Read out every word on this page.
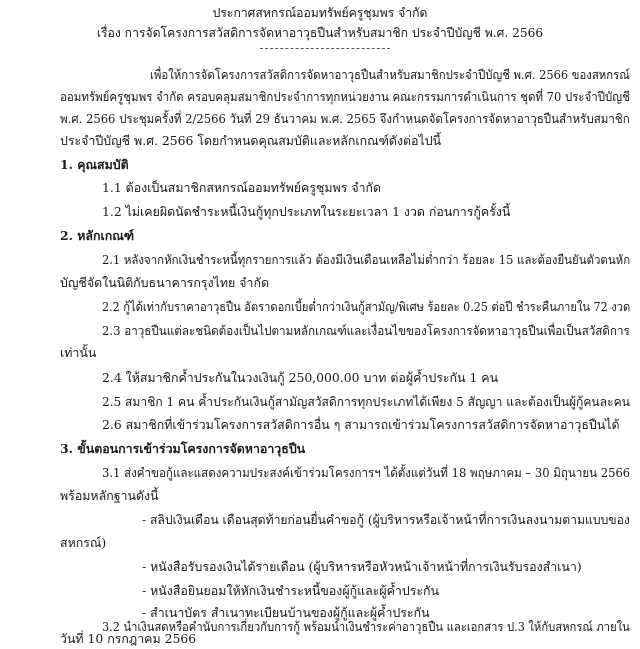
ประกาศสหกรณ์ออมทรัพย์ครูชุมพร จำกัด
เรื่อง การจัดโครงการสวัสดิการจัดหาอาวุธปืนสำหรับสมาชิก ประจำปีบัญชี พ.ศ. 2566
เพื่อให้การจัดโครงการสวัสดิการจัดหาอาวุธปืนสำหรับสมาชิกประจำปีบัญชี พ.ศ. 2566 ของสหกรณ์
ออมทรัพย์ครูชุมพร จำกัด ครอบคลุมสมาชิกประจำการทุกหน่วยงาน คณะกรรมการดำเนินการ ชุดที่ 70 ประจำปีบัญชี
พ.ศ. 2566 ประชุมครั้งที่ 2/2566 วันที่ 29 ธันวาคม พ.ศ. 2565 จึงกำหนดจัดโครงการจัดหาอาวุธปืนสำหรับสมาชิก
ประจำปีบัญชี พ.ศ. 2566 โดยกำหนดคุณสมบัติและหลักเกณฑ์ดังต่อไปนี้
1. คุณสมบัติ
1.1 ต้องเป็นสมาชิกสหกรณ์ออมทรัพย์ครูชุมพร จำกัด
1.2 ไม่เคยผิดนัดชำระหนี้เงินกู้ทุกประเภทในระยะเวลา 1 งวด ก่อนการกู้ครั้งนี้
2. หลักเกณฑ์
2.1 หลังจากหักเงินชำระหนี้ทุกรายการแล้ว ต้องมีเงินเดือนเหลือไม่ต่ำกว่า ร้อยละ 15 และต้องยืนยันตัวตนหัก
บัญชีจัดในนิติกับธนาคารกรุงไทย จำกัด
2.2 กู้ได้เท่ากับราคาอาวุธปืน อัตราดอกเบี้ยต่ำกว่าเงินกู้สามัญ/พิเศษ ร้อยละ 0.25 ต่อปี ชำระคืนภายใน 72 งวด
2.3 อาวุธปืนแต่ละชนิดต้องเป็นไปตามหลักเกณฑ์และเงื่อนไขของโครงการจัดหาอาวุธปืนเพื่อเป็นสวัสดิการ
เท่านั้น
2.4 ให้สมาชิกค้ำประกันในวงเงินกู้ 250,000.00 บาท ต่อผู้ค้ำประกัน 1 คน
2.5 สมาชิก 1 คน ค้ำประกันเงินกู้สามัญสวัสดิการทุกประเภทได้เพียง 5 สัญญา และต้องเป็นผู้กู้คนละคน
2.6 สมาชิกที่เข้าร่วมโครงการสวัสดิการอื่น ๆ สามารถเข้าร่วมโครงการสวัสดิการจัดหาอาวุธปืนได้
3. ขั้นตอนการเข้าร่วมโครงการจัดหาอาวุธปืน
3.1 ส่งคำขอกู้และแสดงความประสงค์เข้าร่วมโครงการฯ ได้ตั้งแต่วันที่ 18 พฤษภาคม – 30 มิถุนายน 2566
พร้อมหลักฐานดังนี้
- สลิปเงินเดือน เดือนสุดท้ายก่อนยื่นคำขอกู้ (ผู้บริหารหรือเจ้าหน้าที่การเงินลงนามตามแบบของ
สหกรณ์)
- หนังสือรับรองเงินได้รายเดือน (ผู้บริหารหรือหัวหน้าเจ้าหน้าที่การเงินรับรองสำเนา)
- หนังสือยินยอมให้หักเงินชำระหนี้ของผู้กู้และผู้ค้ำประกัน
- สำเนาบัตร สำเนาทะเบียนบ้านของผู้กู้และผู้ค้ำประกัน
3.2 นำเงินสดหรือคำนับการเกี่ยวกับการกู้ พร้อมนำเงินชำระค่าอาวุธปืน และเอกสาร ป.3 ให้กับสหกรณ์ ภายใน
วันที่ 10 กรกฎาคม 2566
